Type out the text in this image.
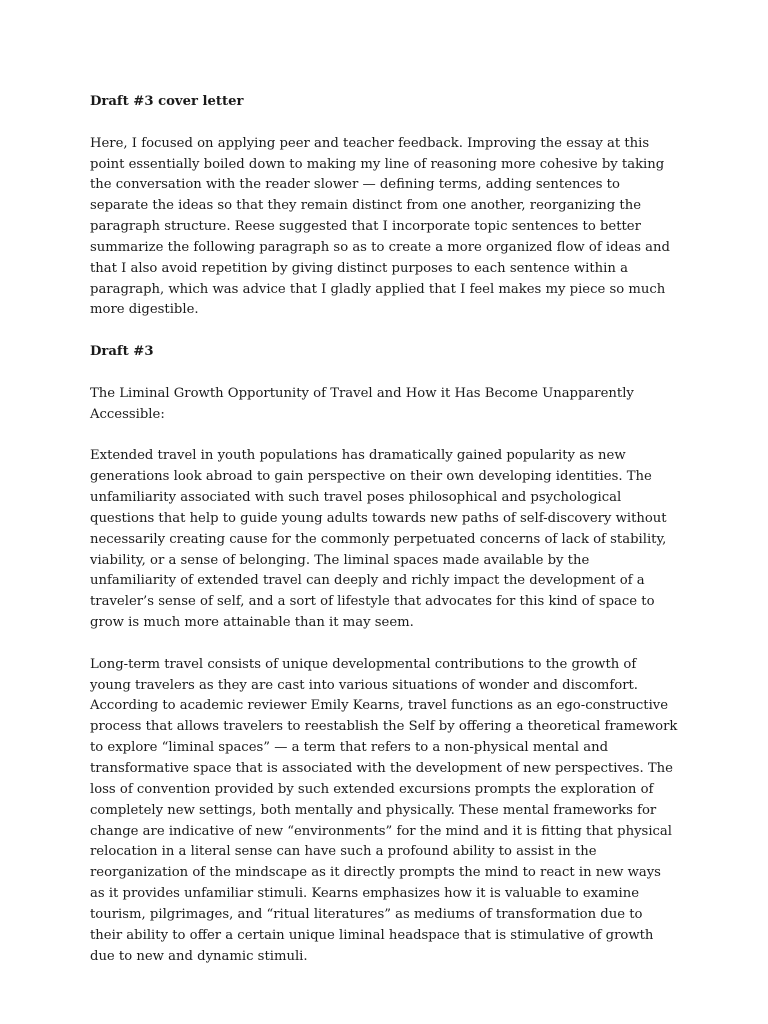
Draft #3 cover letter

Here, I focused on applying peer and teacher feedback. Improving the essay at this point essentially boiled down to making my line of reasoning more cohesive by taking the conversation with the reader slower — defining terms, adding sentences to separate the ideas so that they remain distinct from one another, reorganizing the paragraph structure. Reese suggested that I incorporate topic sentences to better summarize the following paragraph so as to create a more organized flow of ideas and that I also avoid repetition by giving distinct purposes to each sentence within a paragraph, which was advice that I gladly applied that I feel makes my piece so much more digestible.

Draft #3

The Liminal Growth Opportunity of Travel and How it Has Become Unapparently Accessible:

Extended travel in youth populations has dramatically gained popularity as new generations look abroad to gain perspective on their own developing identities. The unfamiliarity associated with such travel poses philosophical and psychological questions that help to guide young adults towards new paths of self-discovery without necessarily creating cause for the commonly perpetuated concerns of lack of stability, viability, or a sense of belonging. The liminal spaces made available by the unfamiliarity of extended travel can deeply and richly impact the development of a traveler’s sense of self, and a sort of lifestyle that advocates for this kind of space to grow is much more attainable than it may seem.

Long-term travel consists of unique developmental contributions to the growth of young travelers as they are cast into various situations of wonder and discomfort. According to academic reviewer Emily Kearns, travel functions as an ego-constructive process that allows travelers to reestablish the Self by offering a theoretical framework to explore “liminal spaces” — a term that refers to a non-physical mental and transformative space that is associated with the development of new perspectives. The loss of convention provided by such extended excursions prompts the exploration of completely new settings, both mentally and physically. These mental frameworks for change are indicative of new “environments” for the mind and it is fitting that physical relocation in a literal sense can have such a profound ability to assist in the reorganization of the mindscape as it directly prompts the mind to react in new ways as it provides unfamiliar stimuli. Kearns emphasizes how it is valuable to examine tourism, pilgrimages, and “ritual literatures” as mediums of transformation due to their ability to offer a certain unique liminal headspace that is stimulative of growth due to new and dynamic stimuli.
